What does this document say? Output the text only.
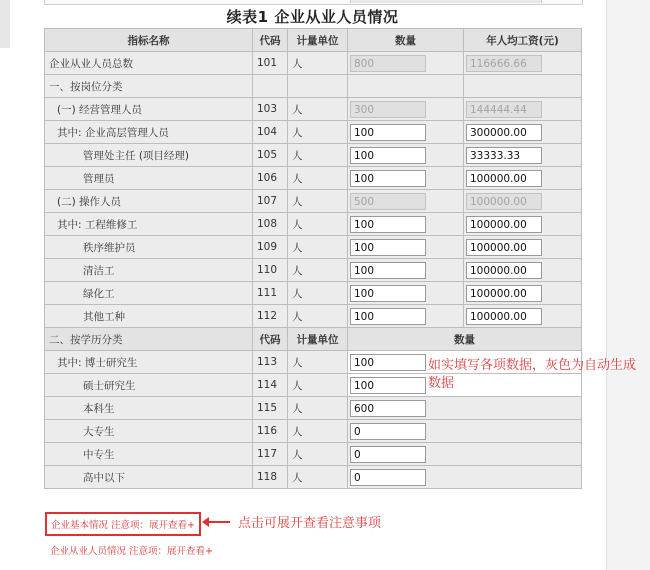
续表1 企业从业人员情况
指标名称	代码	计量单位	数量	年人均工资(元)
企业从业人员总数	101	人	800	116666.66

一、按岗位分类				
(一) 经营管理人员	103	人	300	144444.44

其中: 企业高层管理人员	104	人	100	300000.00

管理处主任 (项目经理)	105	人	100	33333.33

管理员	106	人	100	100000.00

(二) 操作人员	107	人	500	100000.00

其中: 工程维修工	108	人	100	100000.00

秩序维护员	109	人	100	100000.00

清洁工	110	人	100	100000.00

绿化工	111	人	100	100000.00

其他工种	112	人	100	100000.00

二、按学历分类	代码	计量单位	数量	
其中: 博士研究生	113	人	100	

硕士研究生	114	人	100	

本科生	115	人	600	

大专生	116	人	0	

中专生	117	人	0	

高中以下	118	人	0	
如实填写各项数据，灰色为自动生成数据
企业基本情况 注意项：展开查看+	点击可展开查看注意事项
企业从业人员情况 注意项：展开查看+
